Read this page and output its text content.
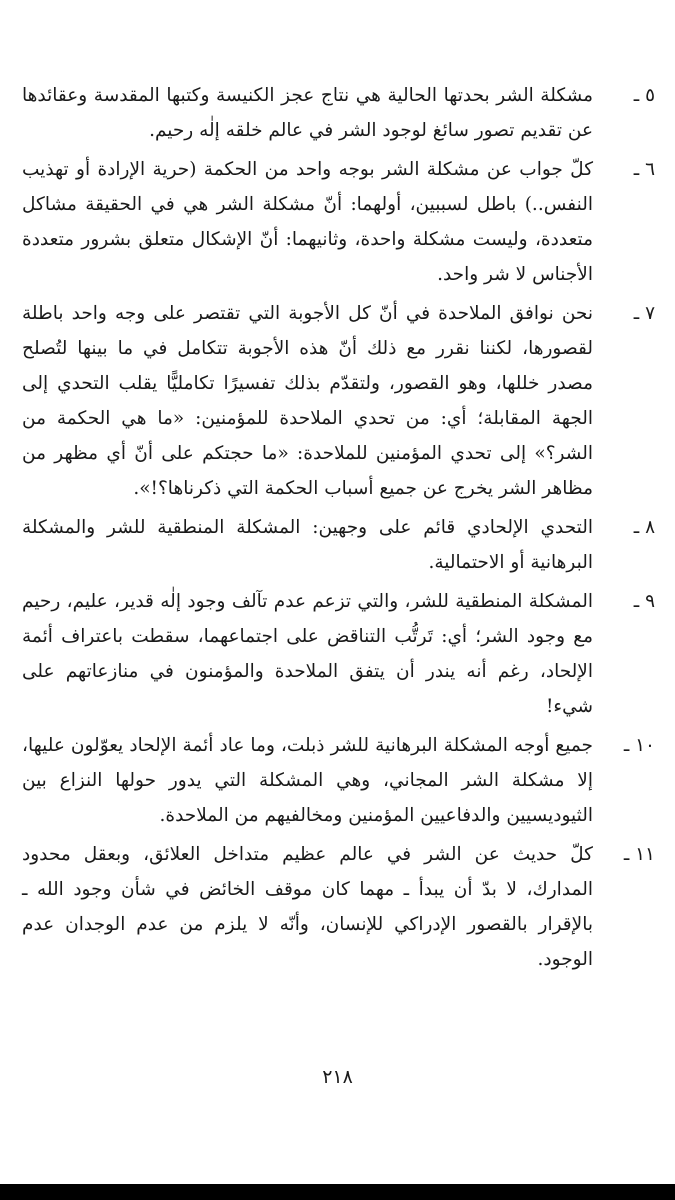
٥ ـ
مشكلة الشر بحدتها الحالية هي نتاج عجز الكنيسة وكتبها المقدسة وعقائدها عن تقديم تصور سائغ لوجود الشر في عالم خلقه إلٰه رحيم.
٦ ـ
كلّ جواب عن مشكلة الشر بوجه واحد من الحكمة (حرية الإرادة أو تهذيب النفس..) باطل لسببين، أولهما: أنّ مشكلة الشر هي في الحقيقة مشاكل متعددة، وليست مشكلة واحدة، وثانيهما: أنّ الإشكال متعلق بشرور متعددة الأجناس لا شر واحد.
٧ ـ
نحن نوافق الملاحدة في أنّ كل الأجوبة التي تقتصر على وجه واحد باطلة لقصورها، لكننا نقرر مع ذلك أنّ هذه الأجوبة تتكامل في ما بينها لتُصلح مصدر خللها، وهو القصور، ولتقدّم بذلك تفسيرًا تكامليًّا يقلب التحدي إلى الجهة المقابلة؛ أي: من تحدي الملاحدة للمؤمنين: «ما هي الحكمة من الشر؟» إلى تحدي المؤمنين للملاحدة: «ما حجتكم على أنّ أي مظهر من مظاهر الشر يخرج عن جميع أسباب الحكمة التي ذكرناها؟!».
٨ ـ
التحدي الإلحادي قائم على وجهين: المشكلة المنطقية للشر والمشكلة البرهانية أو الاحتمالية.
٩ ـ
المشكلة المنطقية للشر، والتي تزعم عدم تآلف وجود إلٰه قدير، عليم، رحيم مع وجود الشر؛ أي: تَرتُّب التناقض على اجتماعهما، سقطت باعتراف أئمة الإلحاد، رغم أنه يندر أن يتفق الملاحدة والمؤمنون في منازعاتهم على شيء!
١٠ ـ
جميع أوجه المشكلة البرهانية للشر ذبلت، وما عاد أئمة الإلحاد يعوّلون عليها، إلا مشكلة الشر المجاني، وهي المشكلة التي يدور حولها النزاع بين الثيوديسيين والدفاعيين المؤمنين ومخالفيهم من الملاحدة.
١١ ـ
كلّ حديث عن الشر في عالم عظيم متداخل العلائق، وبعقل محدود المدارك، لا بدّ أن يبدأ ـ مهما كان موقف الخائض في شأن وجود الله ـ بالإقرار بالقصور الإدراكي للإنسان، وأنّه لا يلزم من عدم الوجدان عدم الوجود.
٢١٨
